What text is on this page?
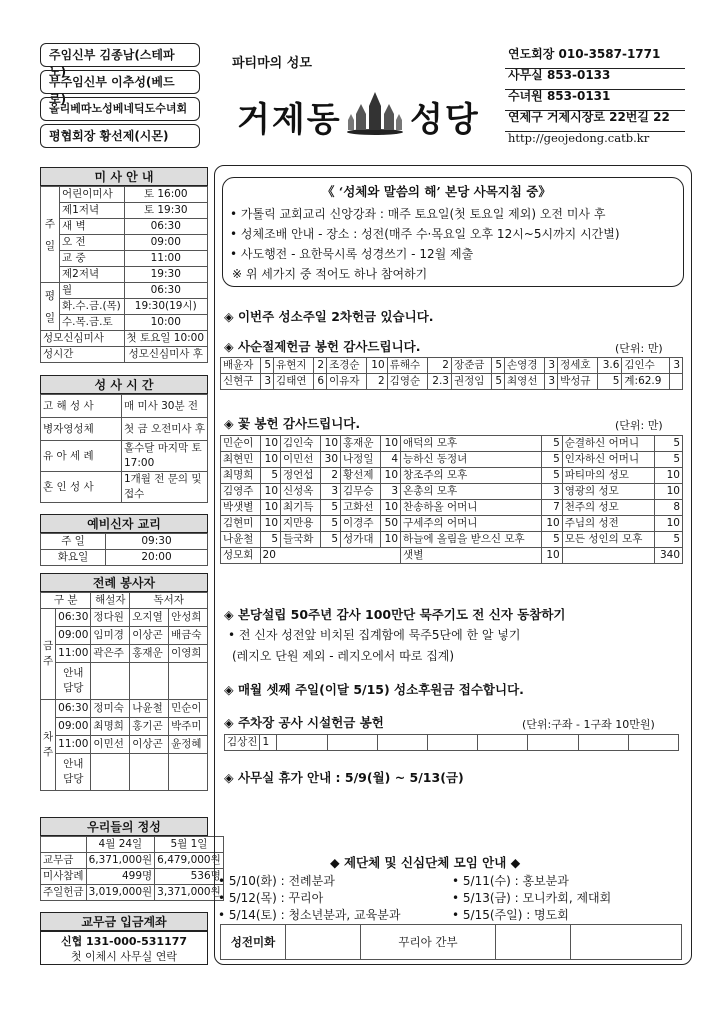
주임신부 김종남(스테파노)
부주임신부 이추성(베드로)
올리베따노성베네딕도수녀회
평협회장 황선제(시몬)
파티마의 성모
거제동 성당
연도회장 010-3587-1771
사무실 853-0133
수녀원 853-0131
연제구 거제시장로 22번길 22
http://geojedong.catb.kr
미 사 안 내
주일	어린이미사	토 16:00
	제1저녁	토 19:30
	새 벽	06:30
	오 전	09:00
	교 중	11:00
	제2저녁	19:30
평일	월	06:30
	화.수.금.(목)	19:30(19시)
	수.목.금.토	10:00
성모신심미사		첫 토요일 10:00
성시간		성모신심미사 후
성 사 시 간
고 해 성 사	매 미사 30분 전
병자영성체	첫 금 오전미사 후
유 아 세 례	홀수달 마지막 토 17:00
혼 인 성 사	1개월 전 문의 및 접수
예비신자 교리
주 일	09:30
화요일	20:00
전례 봉사자
구 분		해설자	독서자	
금주	06:30	정다원	오지열	안성희
	09:00	임미경	이상곤	배금숙
	11:00	곽은주	홍재운	이영희
	안내 담당			
차주	06:30	정미숙	나윤철	민순이
	09:00	최명희	홍기곤	박주미
	11:00	이민선	이상곤	윤정혜
	안내 담당			
우리들의 정성
	4월 24일	5월 1일
교무금	6,371,000원	6,479,000원
미사참례	499명	536명
주일헌금	3,019,000원	3,371,000원
교무금 입금계좌
신협 131-000-531177
첫 이체시 사무실 연락
《 ‘성체와 말씀의 해’ 본당 사목지침 중》
• 가톨릭 교회교리 신앙강좌 : 매주 토요일(첫 토요일 제외) 오전 미사 후
• 성체조배 안내 - 장소 : 성전(매주 수·목요일 오후 12시~5시까지 시간별)
• 사도행전 - 요한묵시록 성경쓰기 - 12월 제출
※ 위 세가지 중 적어도 하나 참여하기
◈ 이번주 성소주일 2차헌금 있습니다.
◈ 사순절제헌금 봉헌 감사드립니다.	(단위: 만)
배윤자	5	유현지	2	조경순	10	류해수	2	장준금	5	손영경	3	정세호	3.6	김인수	3
신현구	3	김태연	6	이유자	2	김영순	2.3	권정임	5	최영선	3	박성규	5	계:62.9	
◈ 꽃 봉헌 감사드립니다.	(단위: 만)
민순이	10	김인숙	10	홍재운	10	애덕의 모후	5	순결하신 어머니	5
최현민	10	이민선	30	나정일	4	능하신 동정녀	5	인자하신 어머니	5
최명희	5	정언섭	2	황선제	10	창조주의 모후	5	파티마의 성모	10
김영주	10	신성옥	3	김무승	3	온총의 모후	3	영광의 성모	10
박샛별	10	최기득	5	고화선	10	찬송하올 어머니	7	천주의 성모	8
김현미	10	지만용	5	이경주	50	구세주의 어머니	10	주님의 성전	10
나윤철	5	들국화	5	성가대	10	하늘에 올림을 받으신 모후	5	모든 성인의 모후	5
성모회	20					샛별	10		340
◈ 본당설립 50주년 감사 100만단 묵주기도 전 신자 동참하기
• 전 신자 성전앞 비치된 집계함에 묵주5단에 한 알 넣기
(레지오 단원 제외 - 레지오에서 따로 집계)
◈ 매월 셋째 주일(이달 5/15) 성소후원금 접수합니다.
◈ 주차장 공사 시설헌금 봉헌	(단위:구좌 - 1구좌 10만원)
김상진	1								
◈ 사무실 휴가 안내 : 5/9(월) ~ 5/13(금)
◆ 제단체 및 신심단체 모임 안내 ◆
• 5/10(화) : 전례분과
• 5/12(목) : 꾸리아
• 5/14(토) : 청소년분과, 교육분과
• 5/11(수) : 홍보분과
• 5/13(금) : 모니카회, 제대회
• 5/15(주일) : 명도회
성전미화		꾸리아 간부		
